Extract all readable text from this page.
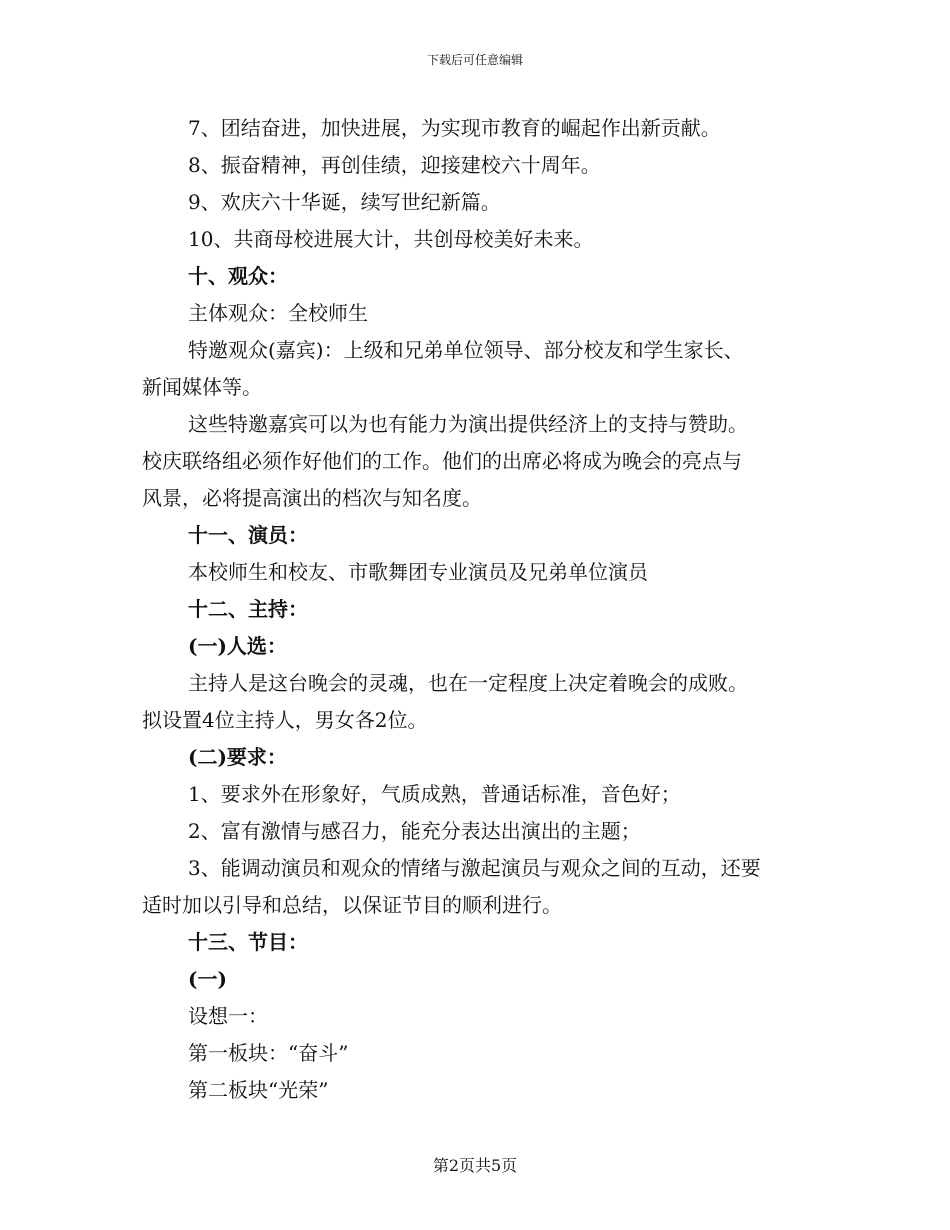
下载后可任意编辑
7、团结奋进，加快进展，为实现市教育的崛起作出新贡献。
8、振奋精神，再创佳绩，迎接建校六十周年。
9、欢庆六十华诞，续写世纪新篇。
10、共商母校进展大计，共创母校美好未来。
十、观众：
主体观众：全校师生
特邀观众(嘉宾)：上级和兄弟单位领导、部分校友和学生家长、
新闻媒体等。
这些特邀嘉宾可以为也有能力为演出提供经济上的支持与赞助。
校庆联络组必须作好他们的工作。他们的出席必将成为晚会的亮点与
风景，必将提高演出的档次与知名度。
十一、演员：
本校师生和校友、市歌舞团专业演员及兄弟单位演员
十二、主持：
(一)人选：
主持人是这台晚会的灵魂，也在一定程度上决定着晚会的成败。
拟设置4位主持人，男女各2位。
(二)要求：
1、要求外在形象好，气质成熟，普通话标准，音色好；
2、富有激情与感召力，能充分表达出演出的主题；
3、能调动演员和观众的情绪与激起演员与观众之间的互动，还要
适时加以引导和总结，以保证节目的顺利进行。
十三、节目：
(一)
设想一：
第一板块：“奋斗”
第二板块“光荣”
第2页共5页
